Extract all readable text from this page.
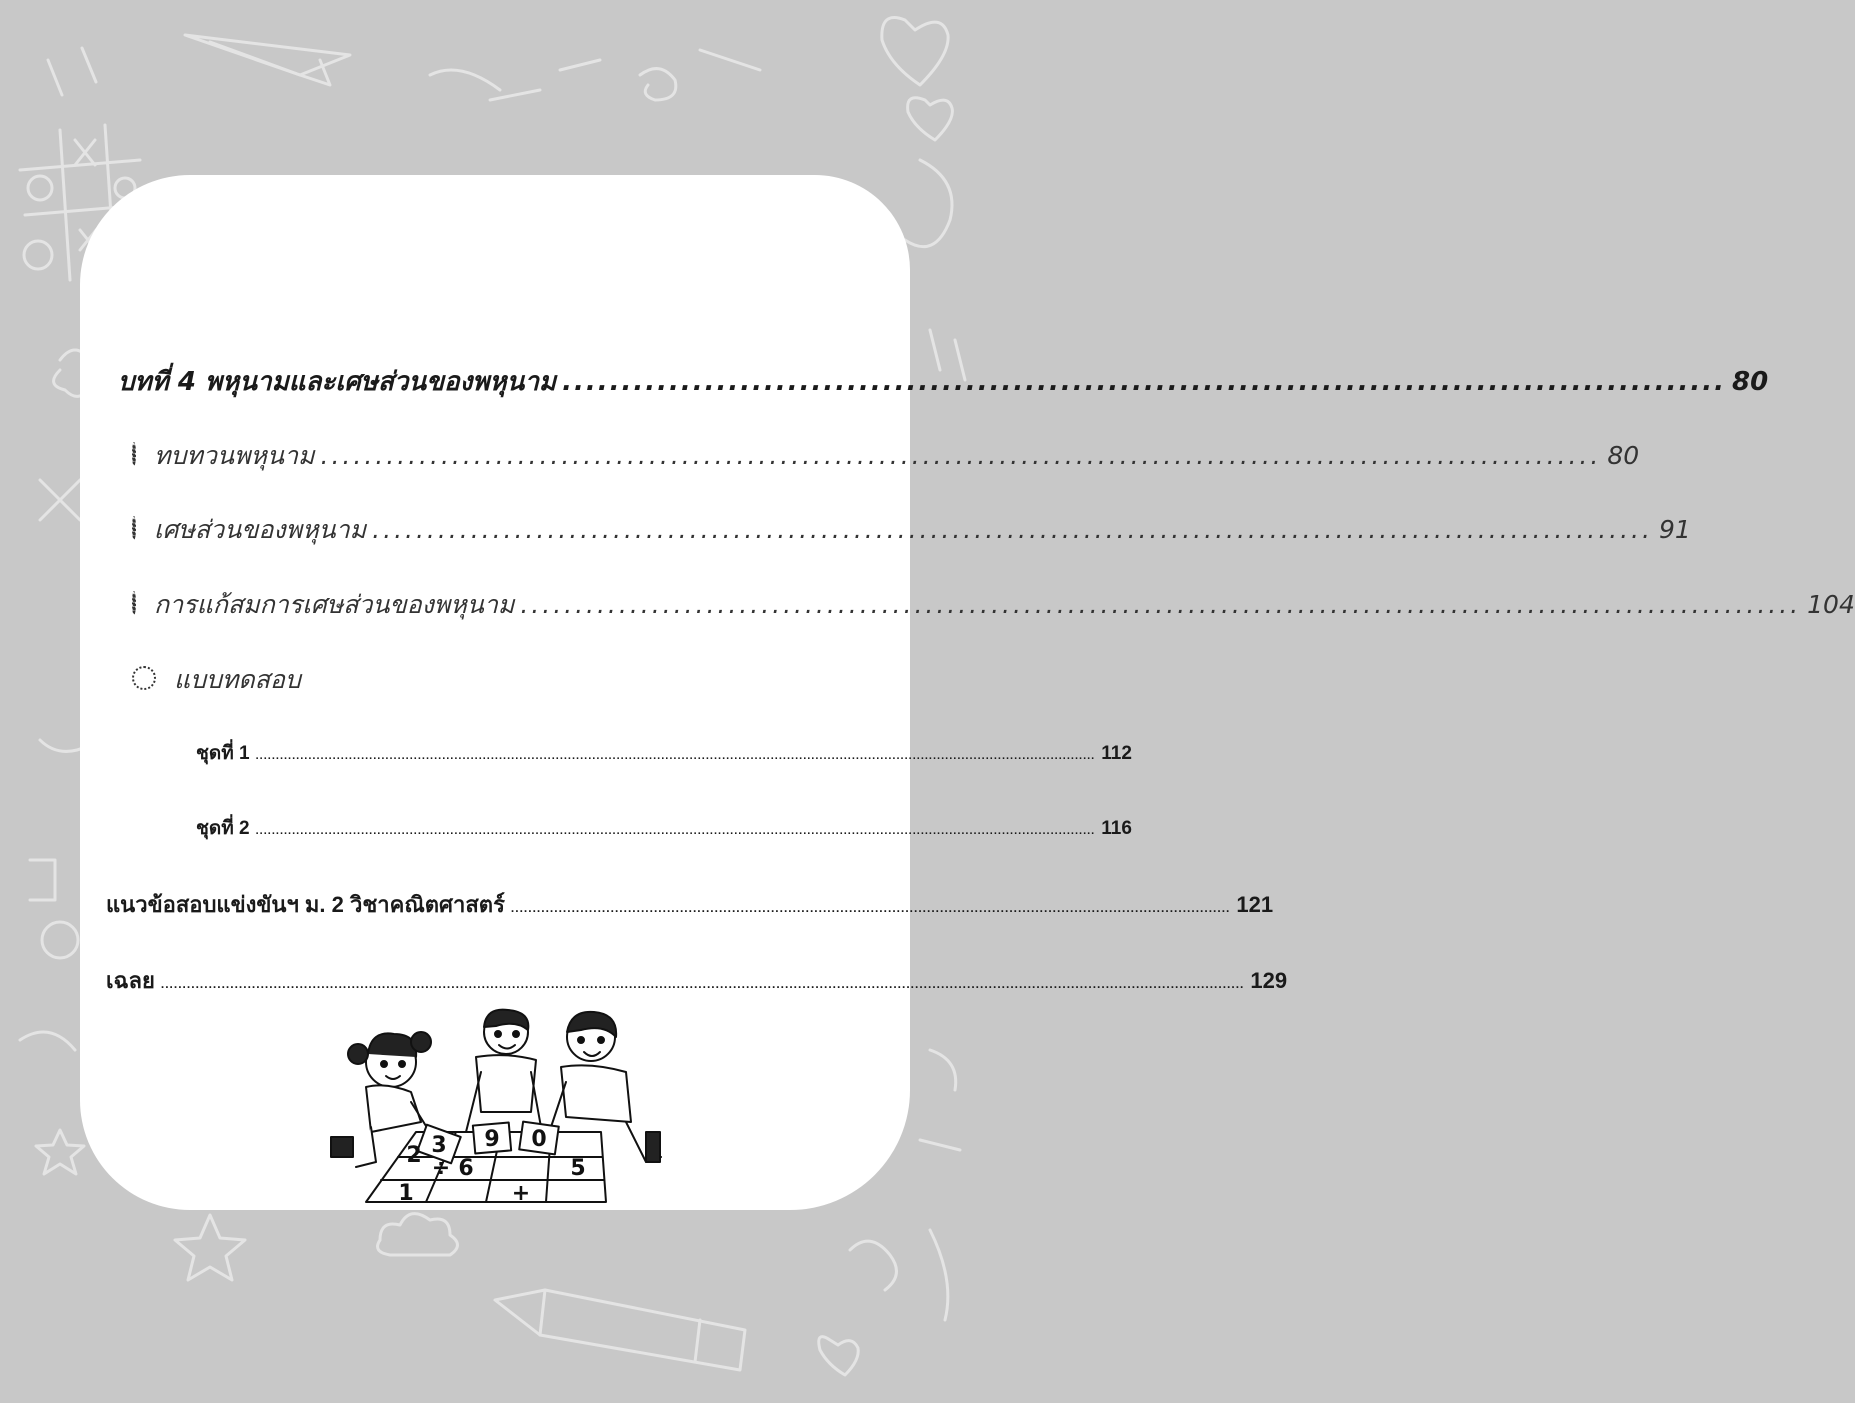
บทที่ 4 พหุนามและเศษส่วนของพหุนาม .................................................................................................. 80
ทบทวนพหุนาม ..................................................................................................................... 80
เศษส่วนของพหุนาม ..................................................................................................................... 91
การแก้สมการเศษส่วนของพหุนาม ..................................................................................................................... 104
แบบทดสอบ
ชุดที่ 1 ............................................................................................................................................................................................................... 112
ชุดที่ 2 ............................................................................................................................................................................................................... 116
แนวข้อสอบแข่งขันฯ ม. 2 วิชาคณิตศาสตร์ ...................................................................................................................................................................... 121
เฉลย .......................................................................................................................................................................................................................................................... 129
5
+
6
÷
1
2 3 9 0
